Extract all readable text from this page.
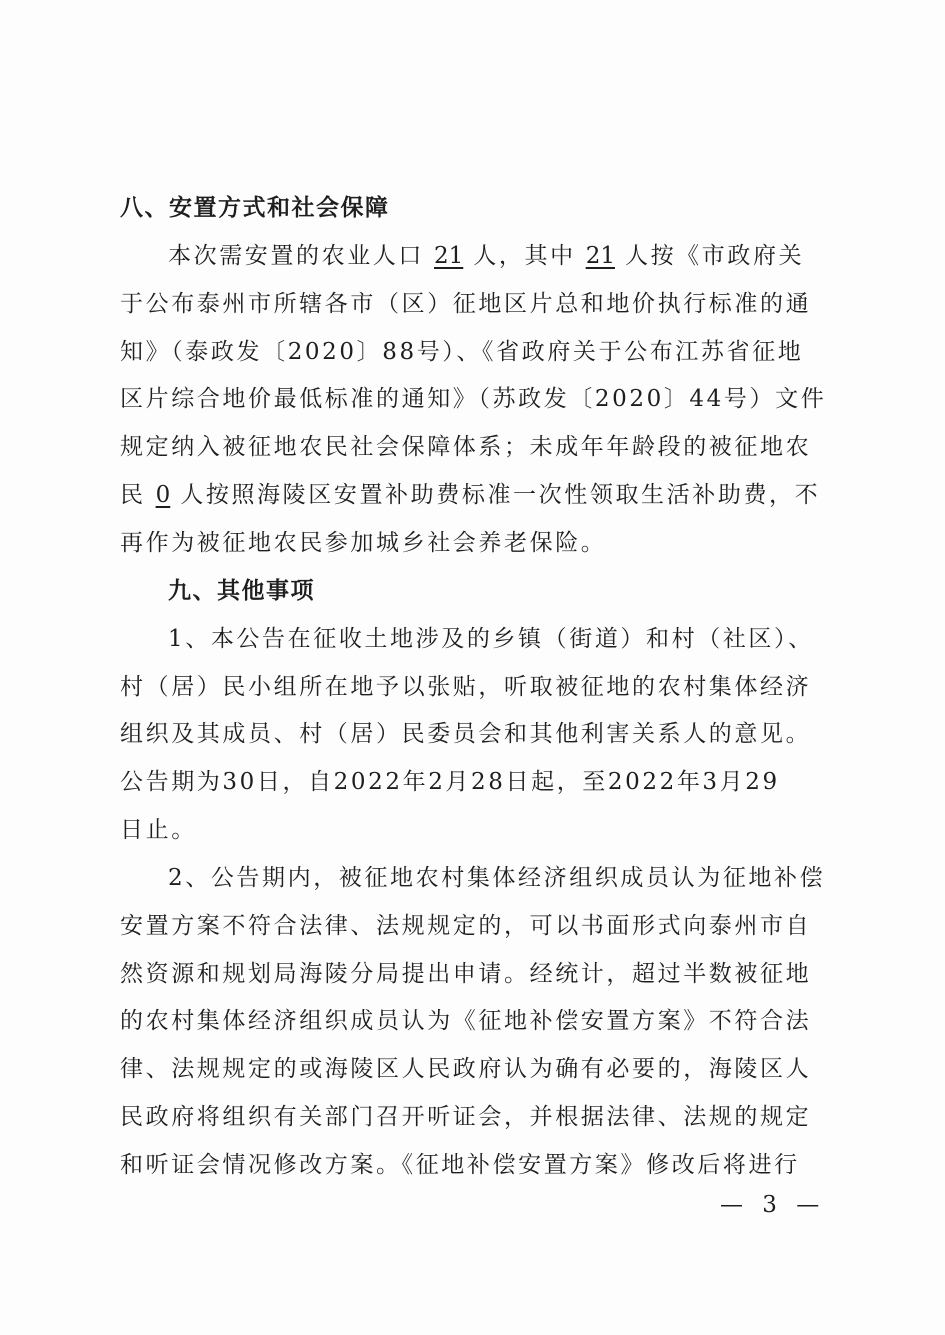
八、安置方式和社会保障
本次需安置的农业人口 21 人，其中 21 人按《市政府关
于公布泰州市所辖各市（区）征地区片总和地价执行标准的通
知》（泰政发〔2020〕88号）、《省政府关于公布江苏省征地
区片综合地价最低标准的通知》（苏政发〔2020〕44号）文件
规定纳入被征地农民社会保障体系；未成年年龄段的被征地农
民 0 人按照海陵区安置补助费标准一次性领取生活补助费，不
再作为被征地农民参加城乡社会养老保险。
九、其他事项
1、本公告在征收土地涉及的乡镇（街道）和村（社区）、
村（居）民小组所在地予以张贴，听取被征地的农村集体经济
组织及其成员、村（居）民委员会和其他利害关系人的意见。
公告期为30日，自2022年2月28日起，至2022年3月29
日止。
2、公告期内，被征地农村集体经济组织成员认为征地补偿
安置方案不符合法律、法规规定的，可以书面形式向泰州市自
然资源和规划局海陵分局提出申请。经统计，超过半数被征地
的农村集体经济组织成员认为《征地补偿安置方案》不符合法
律、法规规定的或海陵区人民政府认为确有必要的，海陵区人
民政府将组织有关部门召开听证会，并根据法律、法规的规定
和听证会情况修改方案。《征地补偿安置方案》修改后将进行
— 3 —
